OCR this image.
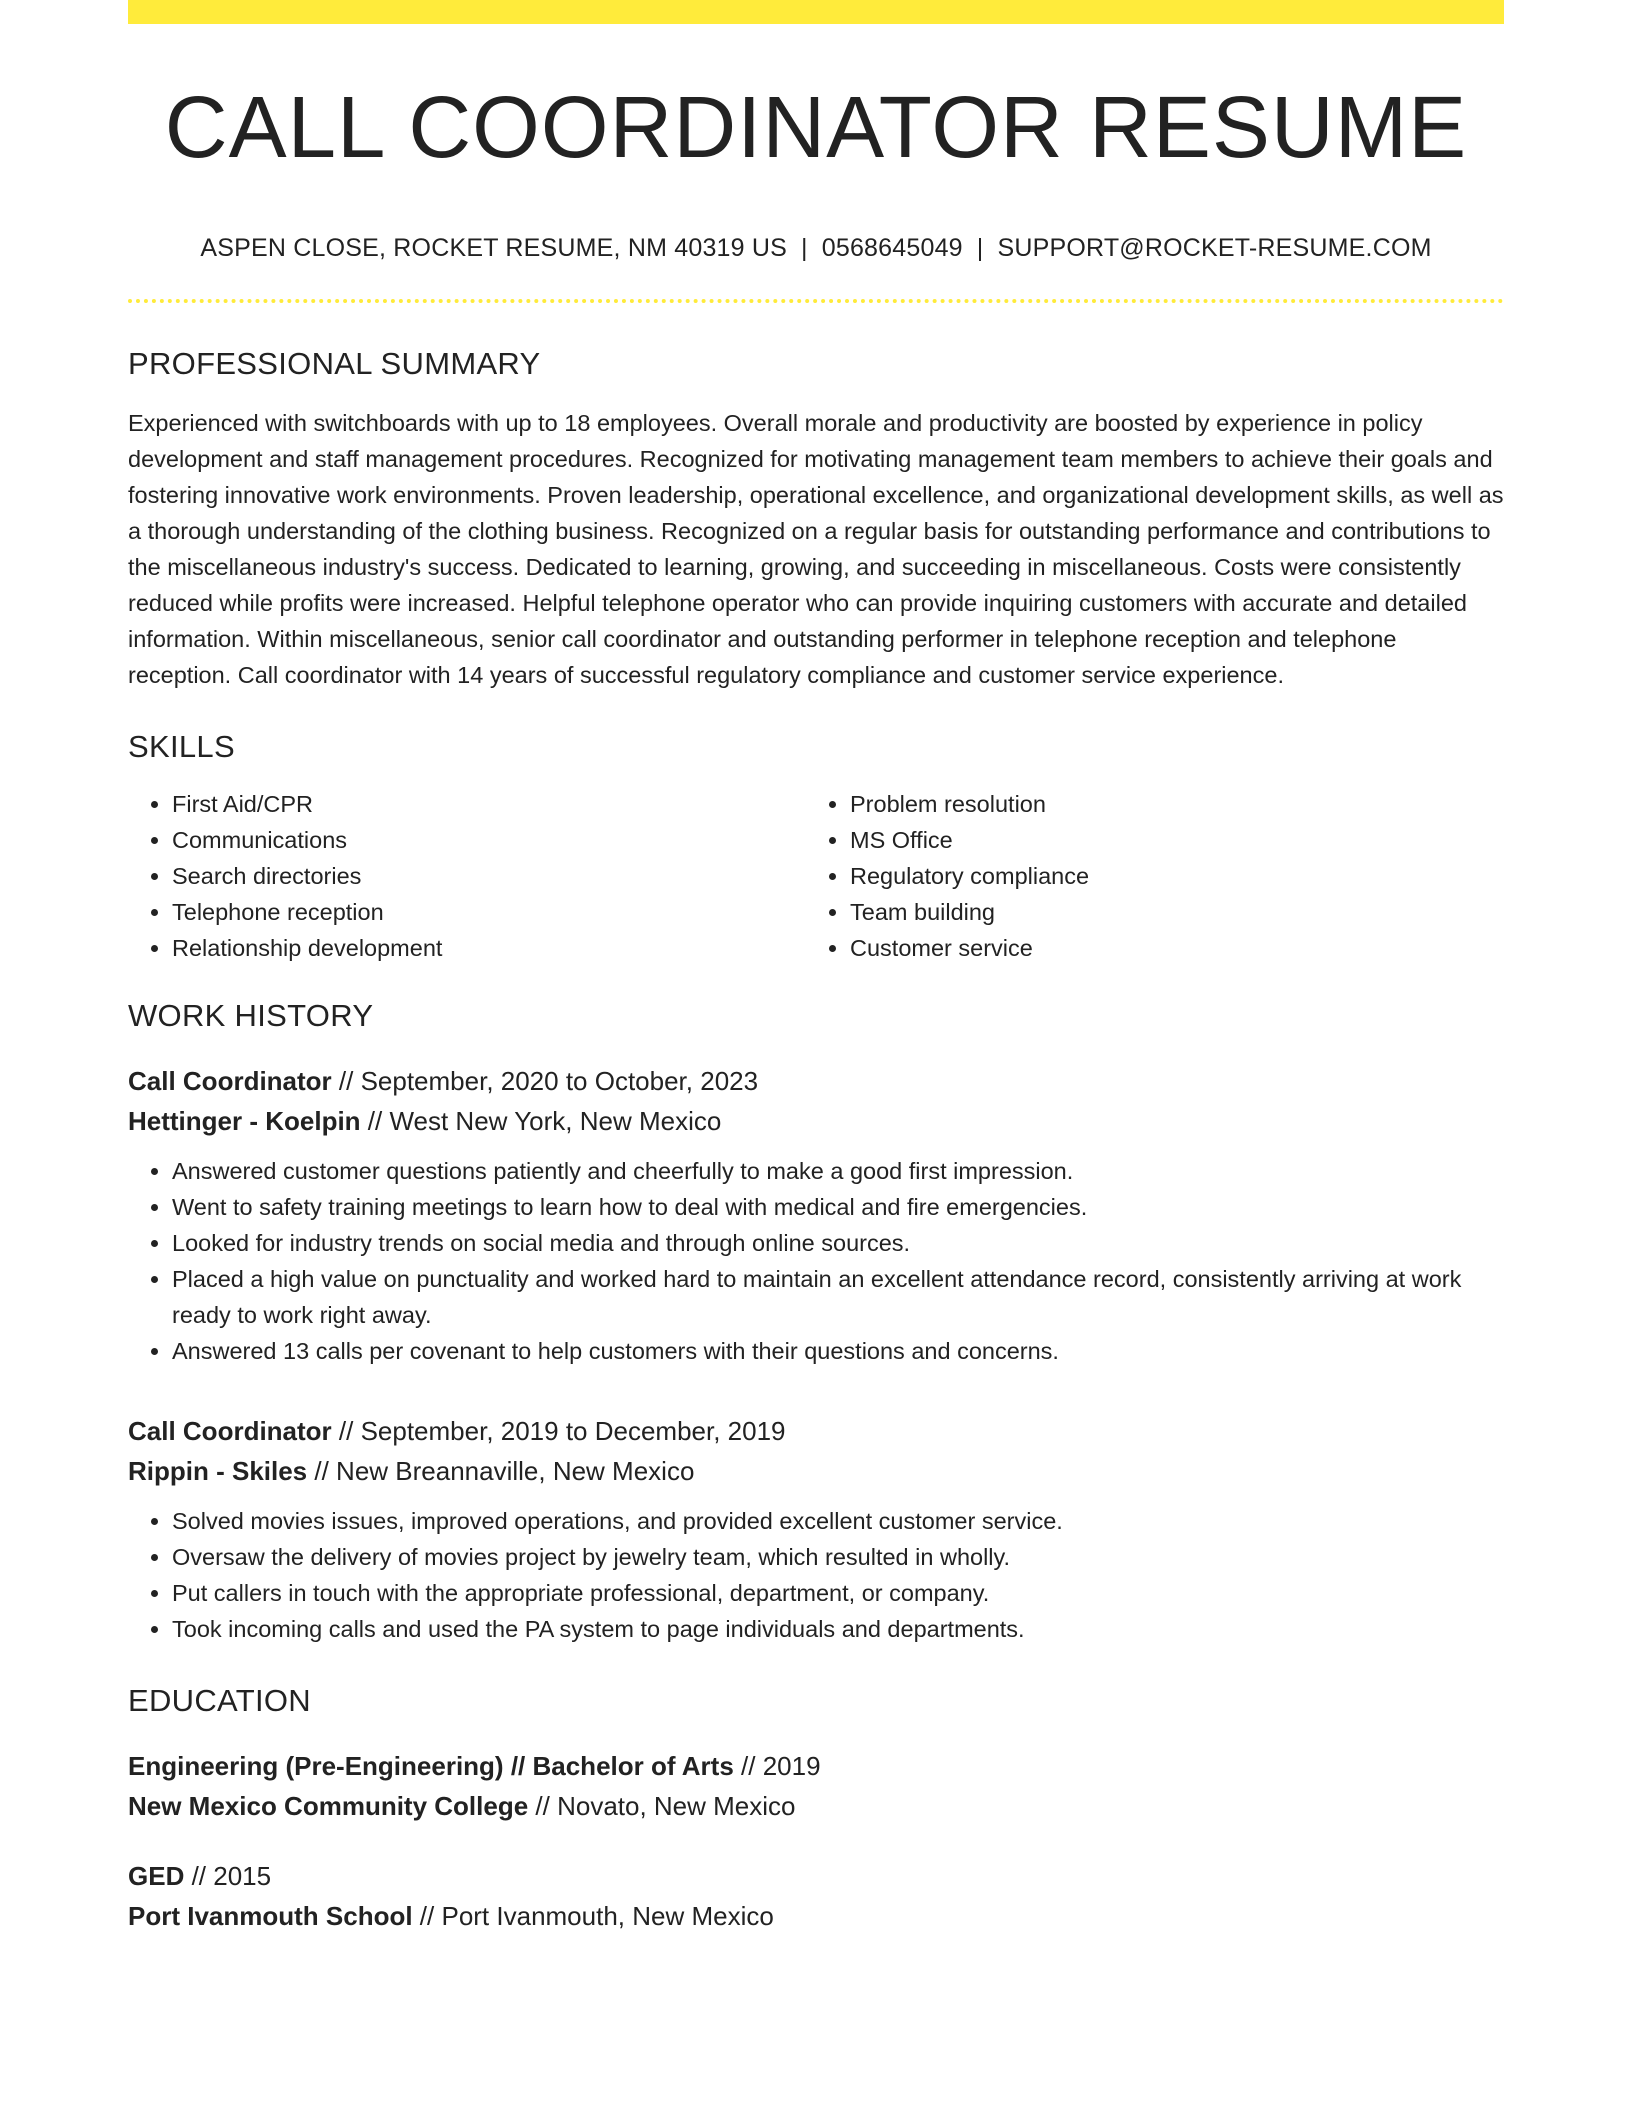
CALL COORDINATOR RESUME
ASPEN CLOSE, ROCKET RESUME, NM 40319 US | 0568645049 | SUPPORT@ROCKET-RESUME.COM
PROFESSIONAL SUMMARY

Experienced with switchboards with up to 18 employees. Overall morale and productivity are boosted by experience in policy development and staff management procedures. Recognized for motivating management team members to achieve their goals and fostering innovative work environments. Proven leadership, operational excellence, and organizational development skills, as well as a thorough understanding of the clothing business. Recognized on a regular basis for outstanding performance and contributions to the miscellaneous industry's success. Dedicated to learning, growing, and succeeding in miscellaneous. Costs were consistently reduced while profits were increased. Helpful telephone operator who can provide inquiring customers with accurate and detailed information. Within miscellaneous, senior call coordinator and outstanding performer in telephone reception and telephone reception. Call coordinator with 14 years of successful regulatory compliance and customer service experience.

SKILLS
• First Aid/CPR
• Communications
• Search directories
• Telephone reception
• Relationship development
• Problem resolution
• MS Office
• Regulatory compliance
• Team building
• Customer service
WORK HISTORY
Call Coordinator // September, 2020 to October, 2023
Hettinger - Koelpin // West New York, New Mexico
• Answered customer questions patiently and cheerfully to make a good first impression.
• Went to safety training meetings to learn how to deal with medical and fire emergencies.
• Looked for industry trends on social media and through online sources.
• Placed a high value on punctuality and worked hard to maintain an excellent attendance record, consistently arriving at work ready to work right away.
• Answered 13 calls per covenant to help customers with their questions and concerns.
Call Coordinator // September, 2019 to December, 2019
Rippin - Skiles // New Breannaville, New Mexico
• Solved movies issues, improved operations, and provided excellent customer service.
• Oversaw the delivery of movies project by jewelry team, which resulted in wholly.
• Put callers in touch with the appropriate professional, department, or company.
• Took incoming calls and used the PA system to page individuals and departments.
EDUCATION
Engineering (Pre-Engineering) // Bachelor of Arts // 2019
New Mexico Community College // Novato, New Mexico
GED // 2015
Port Ivanmouth School // Port Ivanmouth, New Mexico
